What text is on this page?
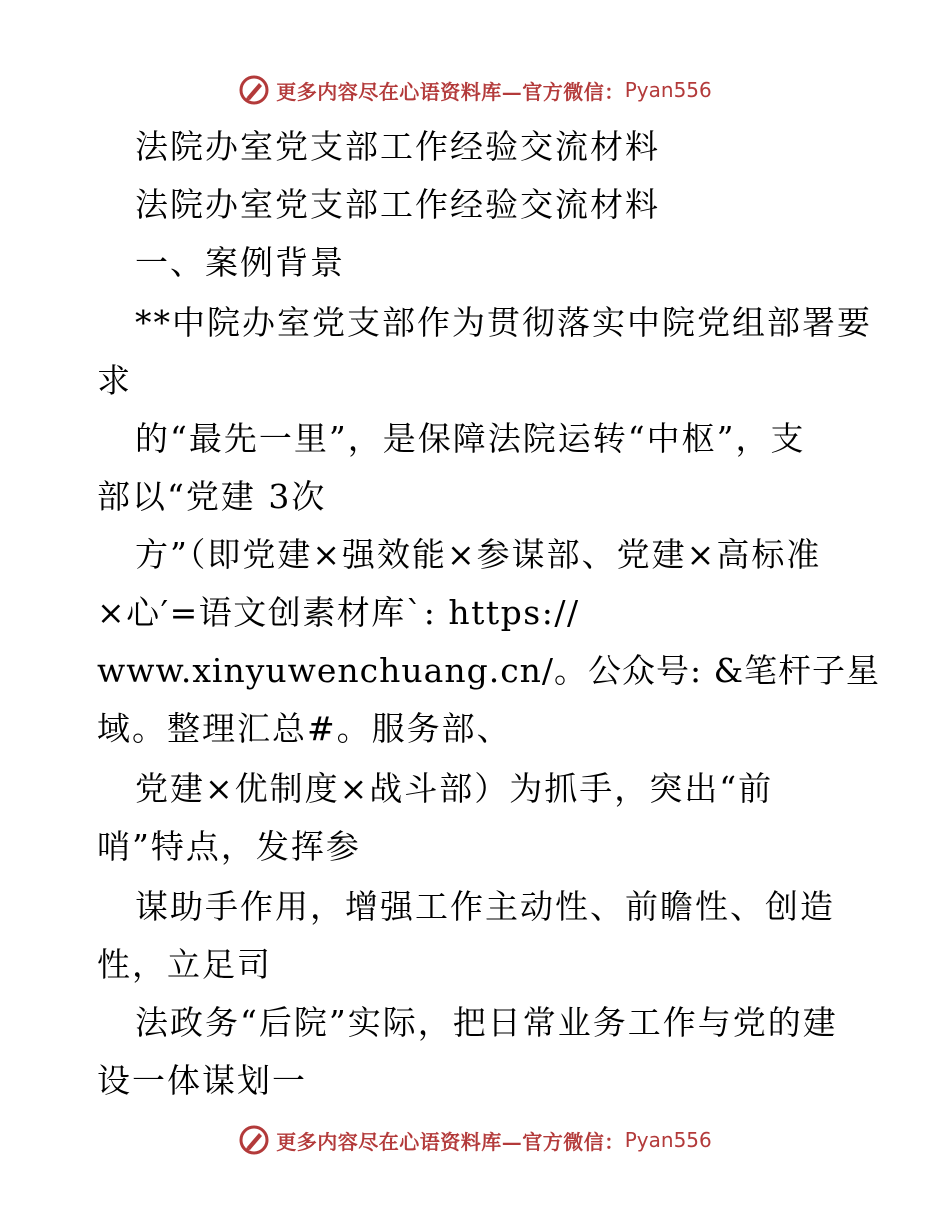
更多内容尽在心语资料库—官方微信： Pyan556
法院办室党支部工作经验交流材料
法院办室党支部工作经验交流材料
一、案例背景
**中院办室党支部作为贯彻落实中院党组部署要
求
的“最先一里”，是保障法院运转“中枢”，支
部以“党建 3次
方”（即党建×强效能×参谋部、党建×高标准
×心′=语文创素材库`: https://
www.xinyuwenchuang.cn/。公众号: &笔杆子星
域。整理汇总#。服务部、
党建×优制度×战斗部）为抓手，突出“前
哨”特点，发挥参
谋助手作用，增强工作主动性、前瞻性、创造
性，立足司
法政务“后院”实际，把日常业务工作与党的建
设一体谋划一
更多内容尽在心语资料库—官方微信： Pyan556
